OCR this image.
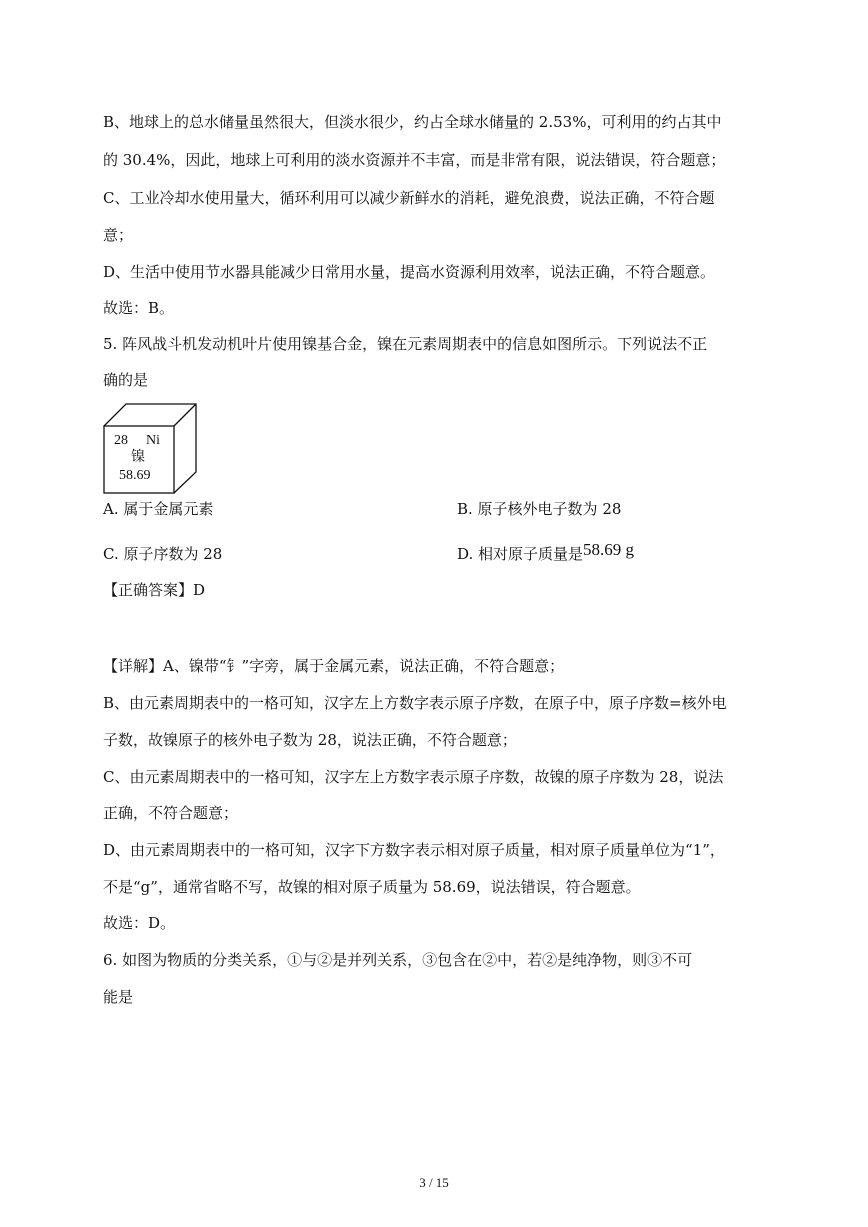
B、地球上的总水储量虽然很大，但淡水很少，约占全球水储量的 2.53%，可利用的约占其中
的 30.4%，因此，地球上可利用的淡水资源并不丰富，而是非常有限，说法错误，符合题意；
C、工业冷却水使用量大，循环利用可以减少新鲜水的消耗，避免浪费，说法正确，不符合题
意；
D、生活中使用节水器具能减少日常用水量，提高水资源利用效率，说法正确，不符合题意。
故选：B。
5. 阵风战斗机发动机叶片使用镍基合金，镍在元素周期表中的信息如图所示。下列说法不正
确的是
28 Ni
镍
58.69
A. 属于金属元素	B. 原子核外电子数为 28
C. 原子序数为 28	D. 相对原子质量是58.69 g
【正确答案】D
【详解】A、镍带“钅”字旁，属于金属元素，说法正确，不符合题意；
B、由元素周期表中的一格可知，汉字左上方数字表示原子序数，在原子中，原子序数=核外电
子数，故镍原子的核外电子数为 28，说法正确，不符合题意；
C、由元素周期表中的一格可知，汉字左上方数字表示原子序数，故镍的原子序数为 28，说法
正确，不符合题意；
D、由元素周期表中的一格可知，汉字下方数字表示相对原子质量，相对原子质量单位为“1”，
不是“g”，通常省略不写，故镍的相对原子质量为 58.69，说法错误，符合题意。
故选：D。
6. 如图为物质的分类关系，①与②是并列关系，③包含在②中，若②是纯净物，则③不可
能是
3 / 15
